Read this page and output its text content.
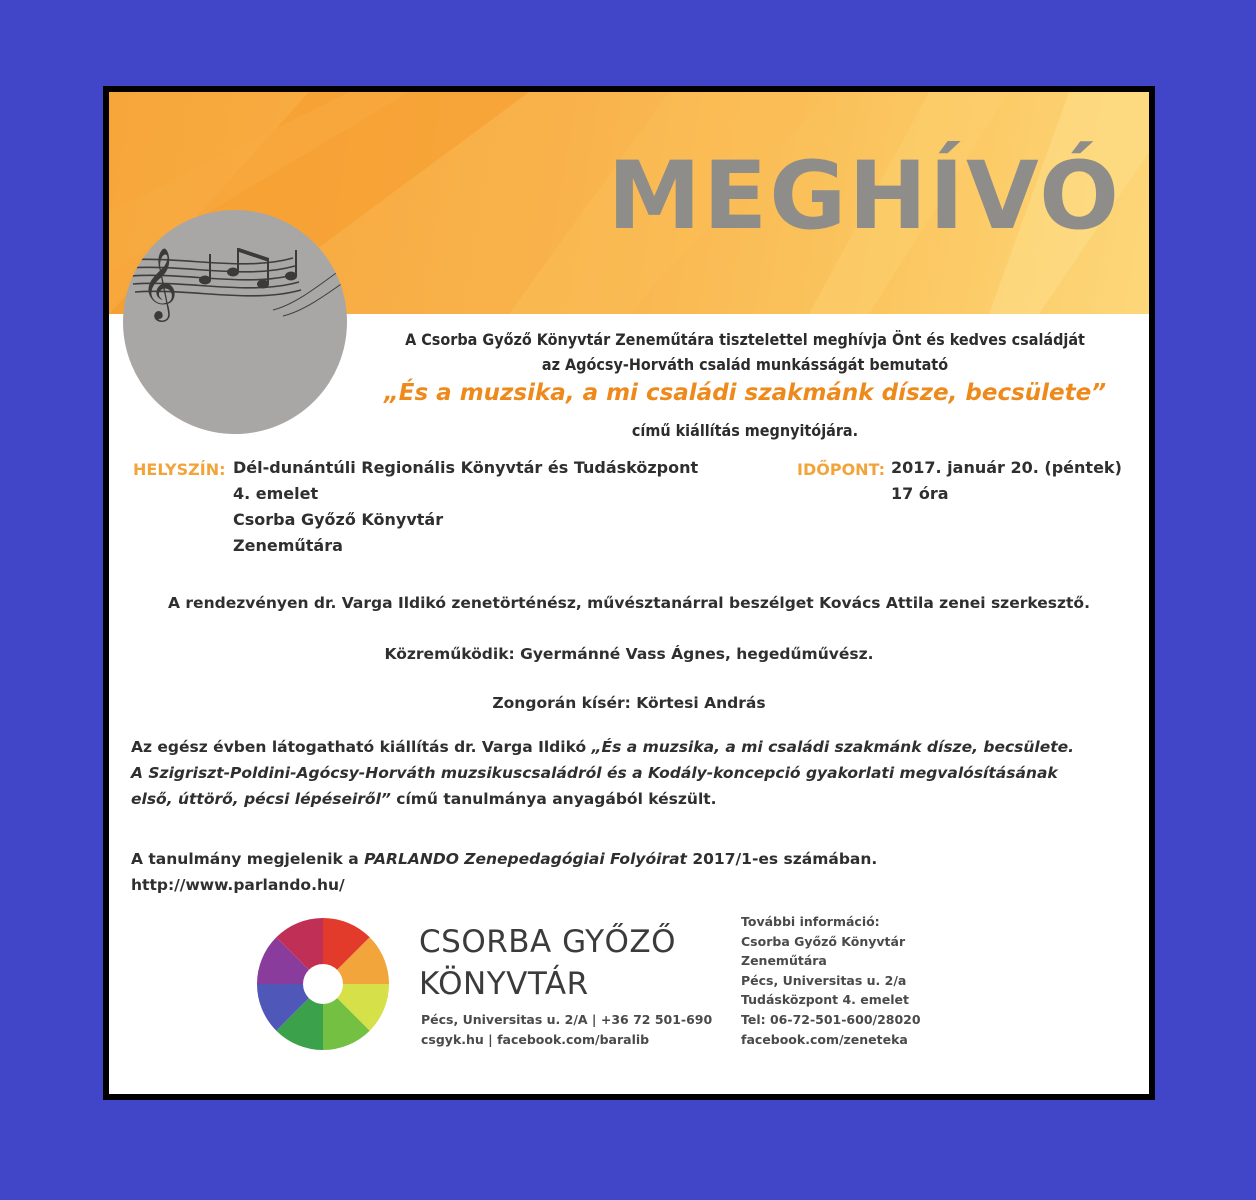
MEGHÍVÓ
𝄞
A Csorba Győző Könyvtár Zeneműtára tisztelettel meghívja Önt és kedves családját
az Agócsy-Horváth család munkásságát bemutató
„És a muzsika, a mi családi szakmánk dísze, becsülete”
című kiállítás megnyitójára.
HELYSZÍN: Dél-dunántúli Regionális Könyvtár és Tudásközpont
4. emelet
Csorba Győző Könyvtár
Zeneműtára
IDŐPONT: 2017. január 20. (péntek)
17 óra
A rendezvényen dr. Varga Ildikó zenetörténész, művésztanárral beszélget Kovács Attila zenei szerkesztő.
Közreműködik: Gyermánné Vass Ágnes, hegedűművész.
Zongorán kísér: Körtesi András
Az egész évben látogatható kiállítás dr. Varga Ildikó „És a muzsika, a mi családi szakmánk dísze, becsülete.
A Szigriszt-Poldini-Agócsy-Horváth muzsikuscsaládról és a Kodály-koncepció gyakorlati megvalósításának
első, úttörő, pécsi lépéseiről” című tanulmánya anyagából készült.
A tanulmány megjelenik a PARLANDO Zenepedagógiai Folyóirat 2017/1-es számában.
http://www.parlando.hu/
CSORBA GYŐZŐ
KÖNYVTÁR
Pécs, Universitas u. 2/A | +36 72 501-690
csgyk.hu | facebook.com/baralib
További információ:
Csorba Győző Könyvtár
Zeneműtára
Pécs, Universitas u. 2/a
Tudásközpont 4. emelet
Tel: 06-72-501-600/28020
facebook.com/zeneteka
